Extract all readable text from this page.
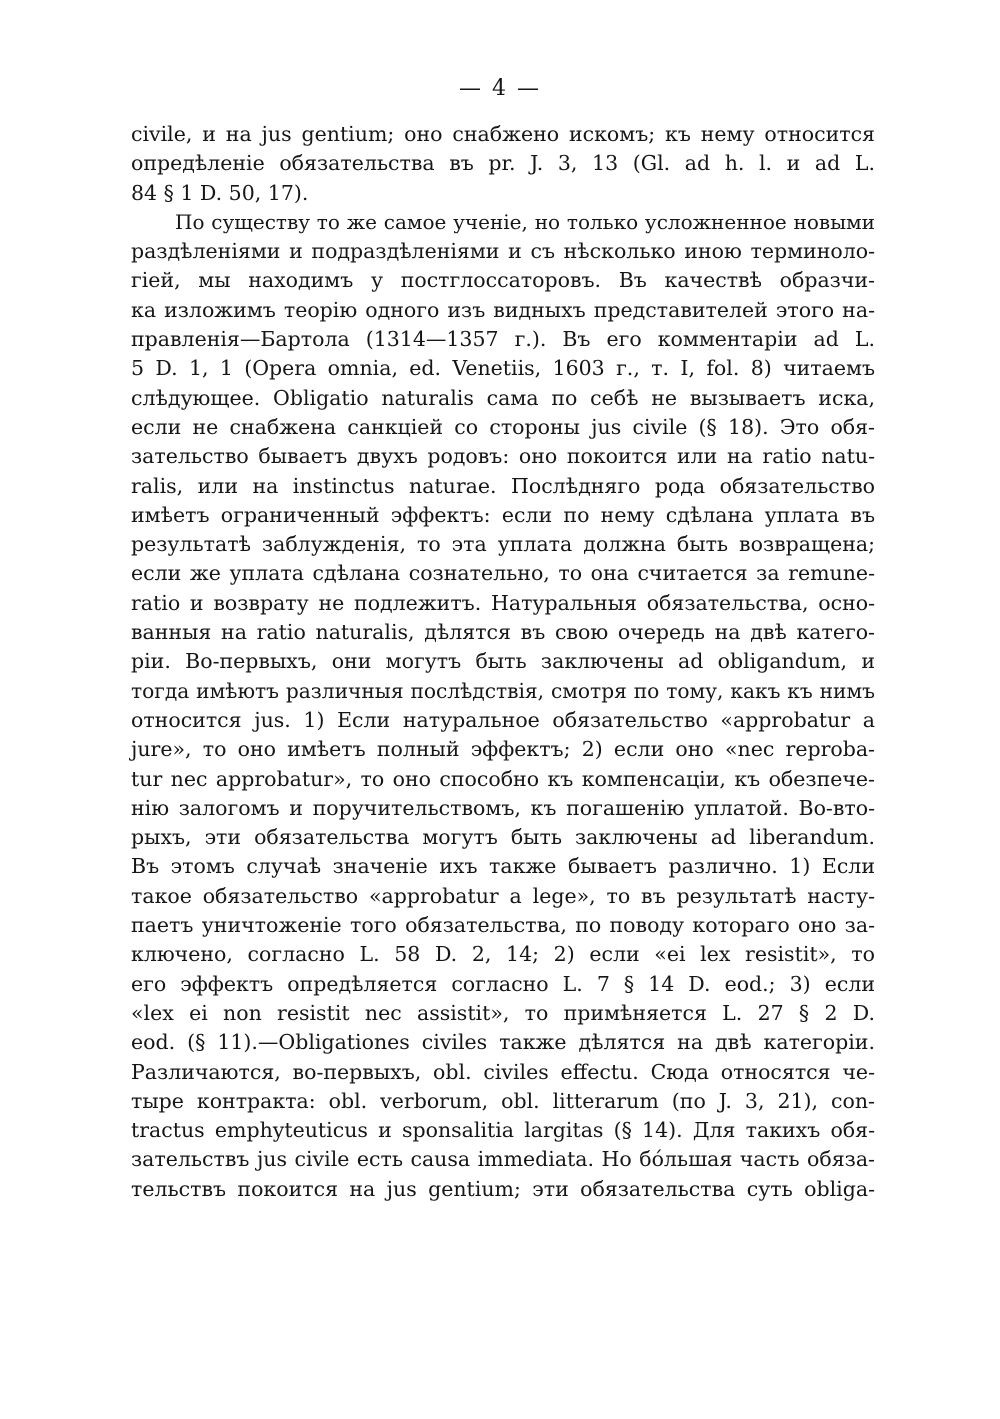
— 4 —
civile, и на jus gentium; оно снабжено искомъ; къ нему относится
опредѣленіе обязательства въ pr. J. 3, 13 (Gl. ad h. l. и ad L.
84 § 1 D. 50, 17).
По существу то же самое ученіе, но только усложненное новыми
раздѣленіями и подраздѣленіями и съ нѣсколько иною терминоло-
гіей, мы находимъ у постглоссаторовъ. Въ качествѣ образчи-
ка изложимъ теорію одного изъ видныхъ представителей этого на-
правленія—Бартола (1314—1357 г.). Въ его комментаріи ad L.
5 D. 1, 1 (Opera omnia, ed. Venetiis, 1603 г., т. I, fol. 8) читаемъ
слѣдующее. Obligatio naturalis сама по себѣ не вызываетъ иска,
если не снабжена санкціей со стороны jus civile (§ 18). Это обя-
зательство бываетъ двухъ родовъ: оно покоится или на ratio natu-
ralis, или на instinctus naturae. Послѣдняго рода обязательство
имѣетъ ограниченный эффектъ: если по нему сдѣлана уплата въ
результатѣ заблужденія, то эта уплата должна быть возвращена;
если же уплата сдѣлана сознательно, то она считается за remune-
ratio и возврату не подлежитъ. Натуральныя обязательства, осно-
ванныя на ratio naturalis, дѣлятся въ свою очередь на двѣ катего-
ріи. Во-первыхъ, они могутъ быть заключены ad obligandum, и
тогда имѣютъ различныя послѣдствія, смотря по тому, какъ къ нимъ
относится jus. 1) Если натуральное обязательство «approbatur a
jure», то оно имѣетъ полный эффектъ; 2) если оно «nec reproba-
tur nec approbatur», то оно способно къ компенсаціи, къ обезпече-
нію залогомъ и поручительствомъ, къ погашенію уплатой. Во-вто-
рыхъ, эти обязательства могутъ быть заключены ad liberandum.
Въ этомъ случаѣ значеніе ихъ также бываетъ различно. 1) Если
такое обязательство «approbatur a lege», то въ результатѣ насту-
паетъ уничтоженіе того обязательства, по поводу котораго оно за-
ключено, согласно L. 58 D. 2, 14; 2) если «ei lex resistit», то
его эффектъ опредѣляется согласно L. 7 § 14 D. eod.; 3) если
«lex ei non resistit nec assistit», то примѣняется L. 27 § 2 D.
eod. (§ 11).—Obligationes civiles также дѣлятся на двѣ категоріи.
Различаются, во-первыхъ, obl. civiles effectu. Сюда относятся че-
тыре контракта: obl. verborum, obl. litterarum (по J. 3, 21), con-
tractus emphyteuticus и sponsalitia largitas (§ 14). Для такихъ обя-
зательствъ jus civile есть causa immediata. Но бóльшая часть обяза-
тельствъ покоится на jus gentium; эти обязательства суть obliga-
